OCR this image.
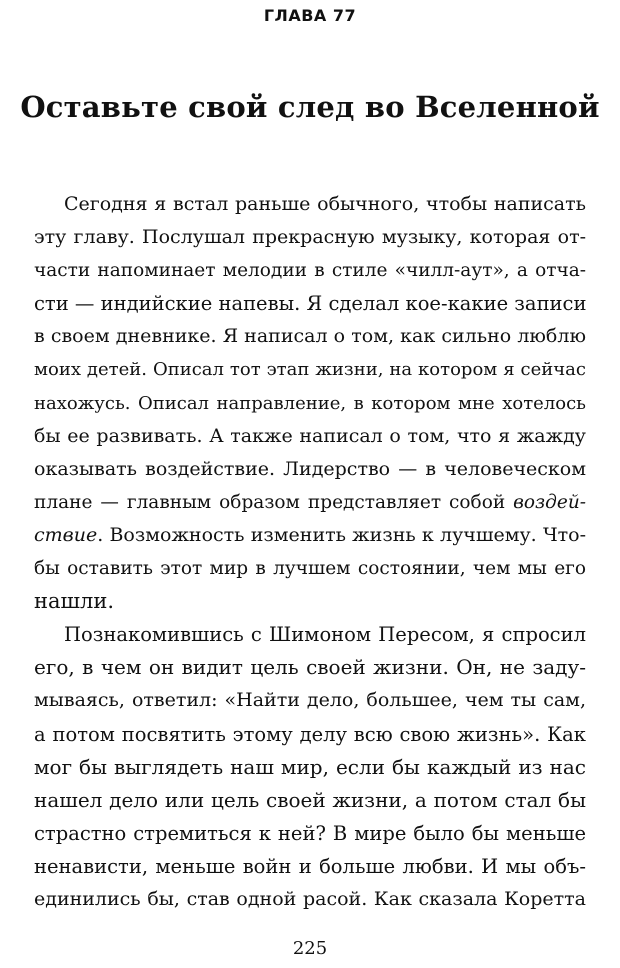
ГЛАВА 77
Оставьте свой след во Вселенной
Сегодня я встал раньше обычного, чтобы написать
эту главу. Послушал прекрасную музыку, которая от-
части напоминает мелодии в стиле «чилл-аут», а отча-
сти — индийские напевы. Я сделал кое-какие записи
в своем дневнике. Я написал о том, как сильно люблю
моих детей. Описал тот этап жизни, на котором я сейчас
нахожусь. Описал направление, в котором мне хотелось
бы ее развивать. А также написал о том, что я жажду
оказывать воздействие. Лидерство — в человеческом
плане — главным образом представляет собой воздей-
ствие. Возможность изменить жизнь к лучшему. Что-
бы оставить этот мир в лучшем состоянии, чем мы его
нашли.
Познакомившись с Шимоном Пересом, я спросил
его, в чем он видит цель своей жизни. Он, не заду-
мываясь, ответил: «Найти дело, большее, чем ты сам,
а потом посвятить этому делу всю свою жизнь». Как
мог бы выглядеть наш мир, если бы каждый из нас
нашел дело или цель своей жизни, а потом стал бы
страстно стремиться к ней? В мире было бы меньше
ненависти, меньше войн и больше любви. И мы объ-
единились бы, став одной расой. Как сказала Коретта
225
